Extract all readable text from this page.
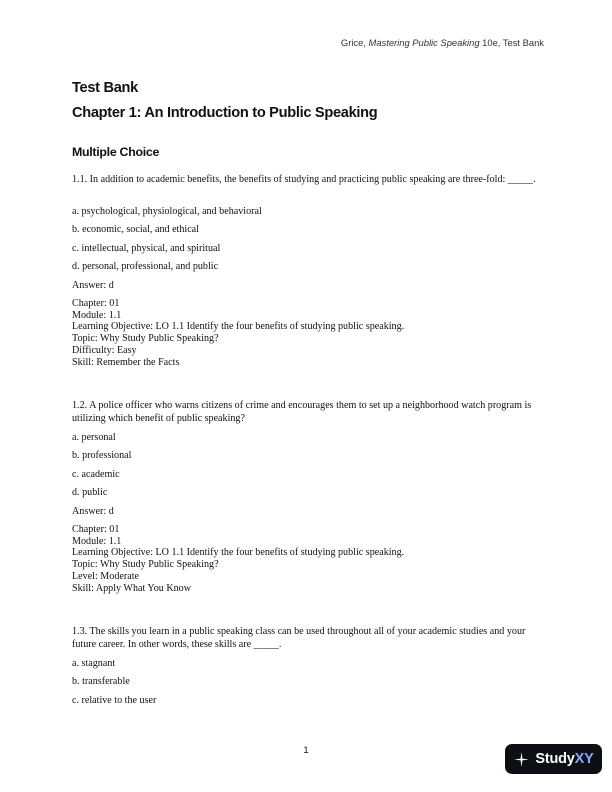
Grice, Mastering Public Speaking 10e, Test Bank
Test Bank
Chapter 1: An Introduction to Public Speaking
Multiple Choice
1.1. In addition to academic benefits, the benefits of studying and practicing public speaking are three-fold: _____.
a. psychological, physiological, and behavioral
b. economic, social, and ethical
c. intellectual, physical, and spiritual
d. personal, professional, and public
Answer: d
Chapter: 01
Module: 1.1
Learning Objective: LO 1.1 Identify the four benefits of studying public speaking.
Topic: Why Study Public Speaking?
Difficulty: Easy
Skill: Remember the Facts
1.2. A police officer who warns citizens of crime and encourages them to set up a neighborhood watch program is utilizing which benefit of public speaking?
a. personal
b. professional
c. academic
d. public
Answer: d
Chapter: 01
Module: 1.1
Learning Objective: LO 1.1 Identify the four benefits of studying public speaking.
Topic: Why Study Public Speaking?
Level: Moderate
Skill: Apply What You Know
1.3. The skills you learn in a public speaking class can be used throughout all of your academic studies and your future career. In other words, these skills are _____.
a. stagnant
b. transferable
c. relative to the user
1
StudyXY
